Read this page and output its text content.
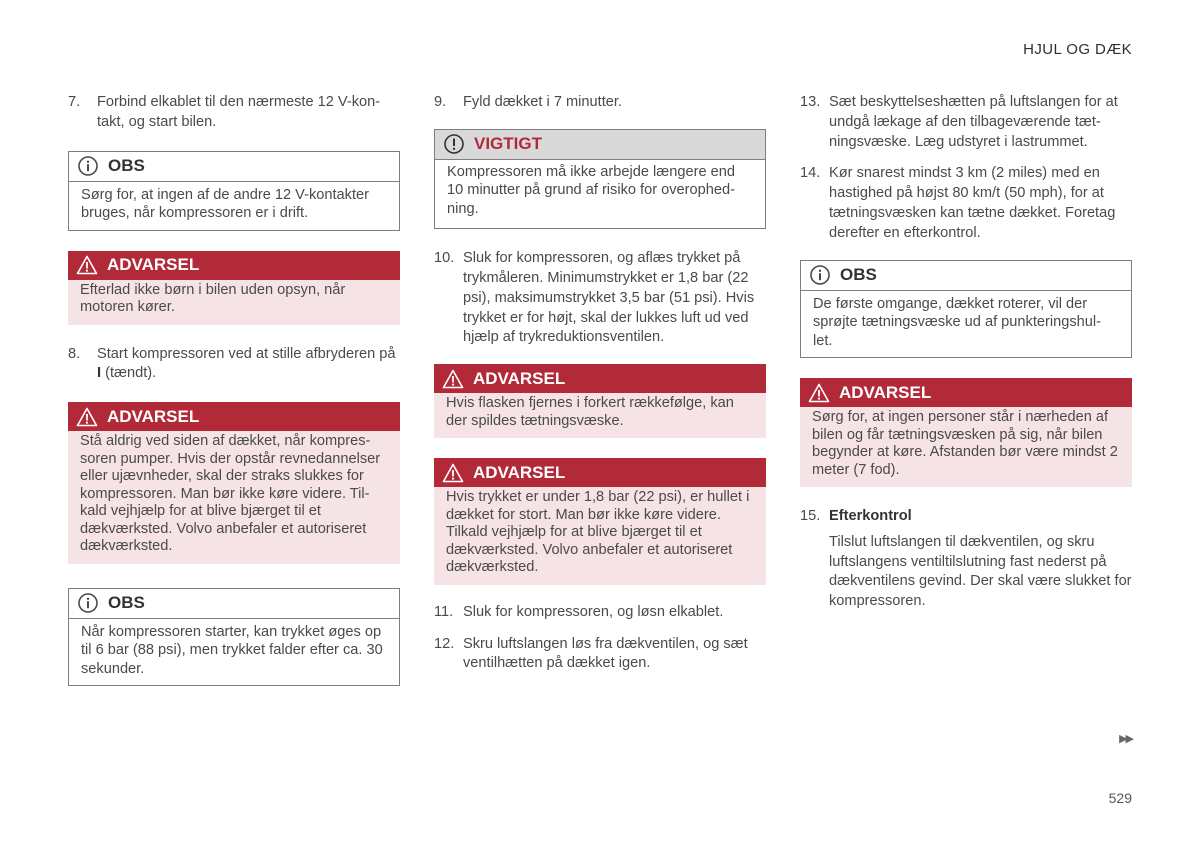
HJUL OG DÆK
7. Forbind elkablet til den nærmeste 12 V-kon-takt, og start bilen.
OBS
Sørg for, at ingen af de andre 12 V-kontakter bruges, når kompressoren er i drift.
ADVARSEL
Efterlad ikke børn i bilen uden opsyn, når motoren kører.
8. Start kompressoren ved at stille afbryderen på I (tændt).
ADVARSEL
Stå aldrig ved siden af dækket, når kompres-soren pumper. Hvis der opstår revnedannelser eller ujævnheder, skal der straks slukkes for kompressoren. Man bør ikke køre videre. Til-kald vejhjælp for at blive bjærget til et dækværksted. Volvo anbefaler et autoriseret dækværksted.
OBS
Når kompressoren starter, kan trykket øges op til 6 bar (88 psi), men trykket falder efter ca. 30 sekunder.
9. Fyld dækket i 7 minutter.
VIGTIGT
Kompressoren må ikke arbejde længere end 10 minutter på grund af risiko for overophed-ning.
10. Sluk for kompressoren, og aflæs trykket på trykmåleren. Minimumstrykket er 1,8 bar (22 psi), maksimumstrykket 3,5 bar (51 psi). Hvis trykket er for højt, skal der lukkes luft ud ved hjælp af trykreduktionsventilen.
ADVARSEL
Hvis flasken fjernes i forkert rækkefølge, kan der spildes tætningsvæske.
ADVARSEL
Hvis trykket er under 1,8 bar (22 psi), er hullet i dækket for stort. Man bør ikke køre videre. Tilkald vejhjælp for at blive bjærget til et dækværksted. Volvo anbefaler et autoriseret dækværksted.
11. Sluk for kompressoren, og løsn elkablet.
12. Skru luftslangen løs fra dækventilen, og sæt ventilhætten på dækket igen.
13. Sæt beskyttelseshætten på luftslangen for at undgå lækage af den tilbageværende tæt-ningsvæske. Læg udstyret i lastrummet.
14. Kør snarest mindst 3 km (2 miles) med en hastighed på højst 80 km/t (50 mph), for at tætningsvæsken kan tætne dækket. Foretag derefter en efterkontrol.
OBS
De første omgange, dækket roterer, vil der sprøjte tætningsvæske ud af punkteringshul-let.
ADVARSEL
Sørg for, at ingen personer står i nærheden af bilen og får tætningsvæsken på sig, når bilen begynder at køre. Afstanden bør være mindst 2 meter (7 fod).
15. Efterkontrol

Tilslut luftslangen til dækventilen, og skru luftslangens ventiltilslutning fast nederst på dækventilens gevind. Der skal være slukket for kompressoren.

▶▶
529
